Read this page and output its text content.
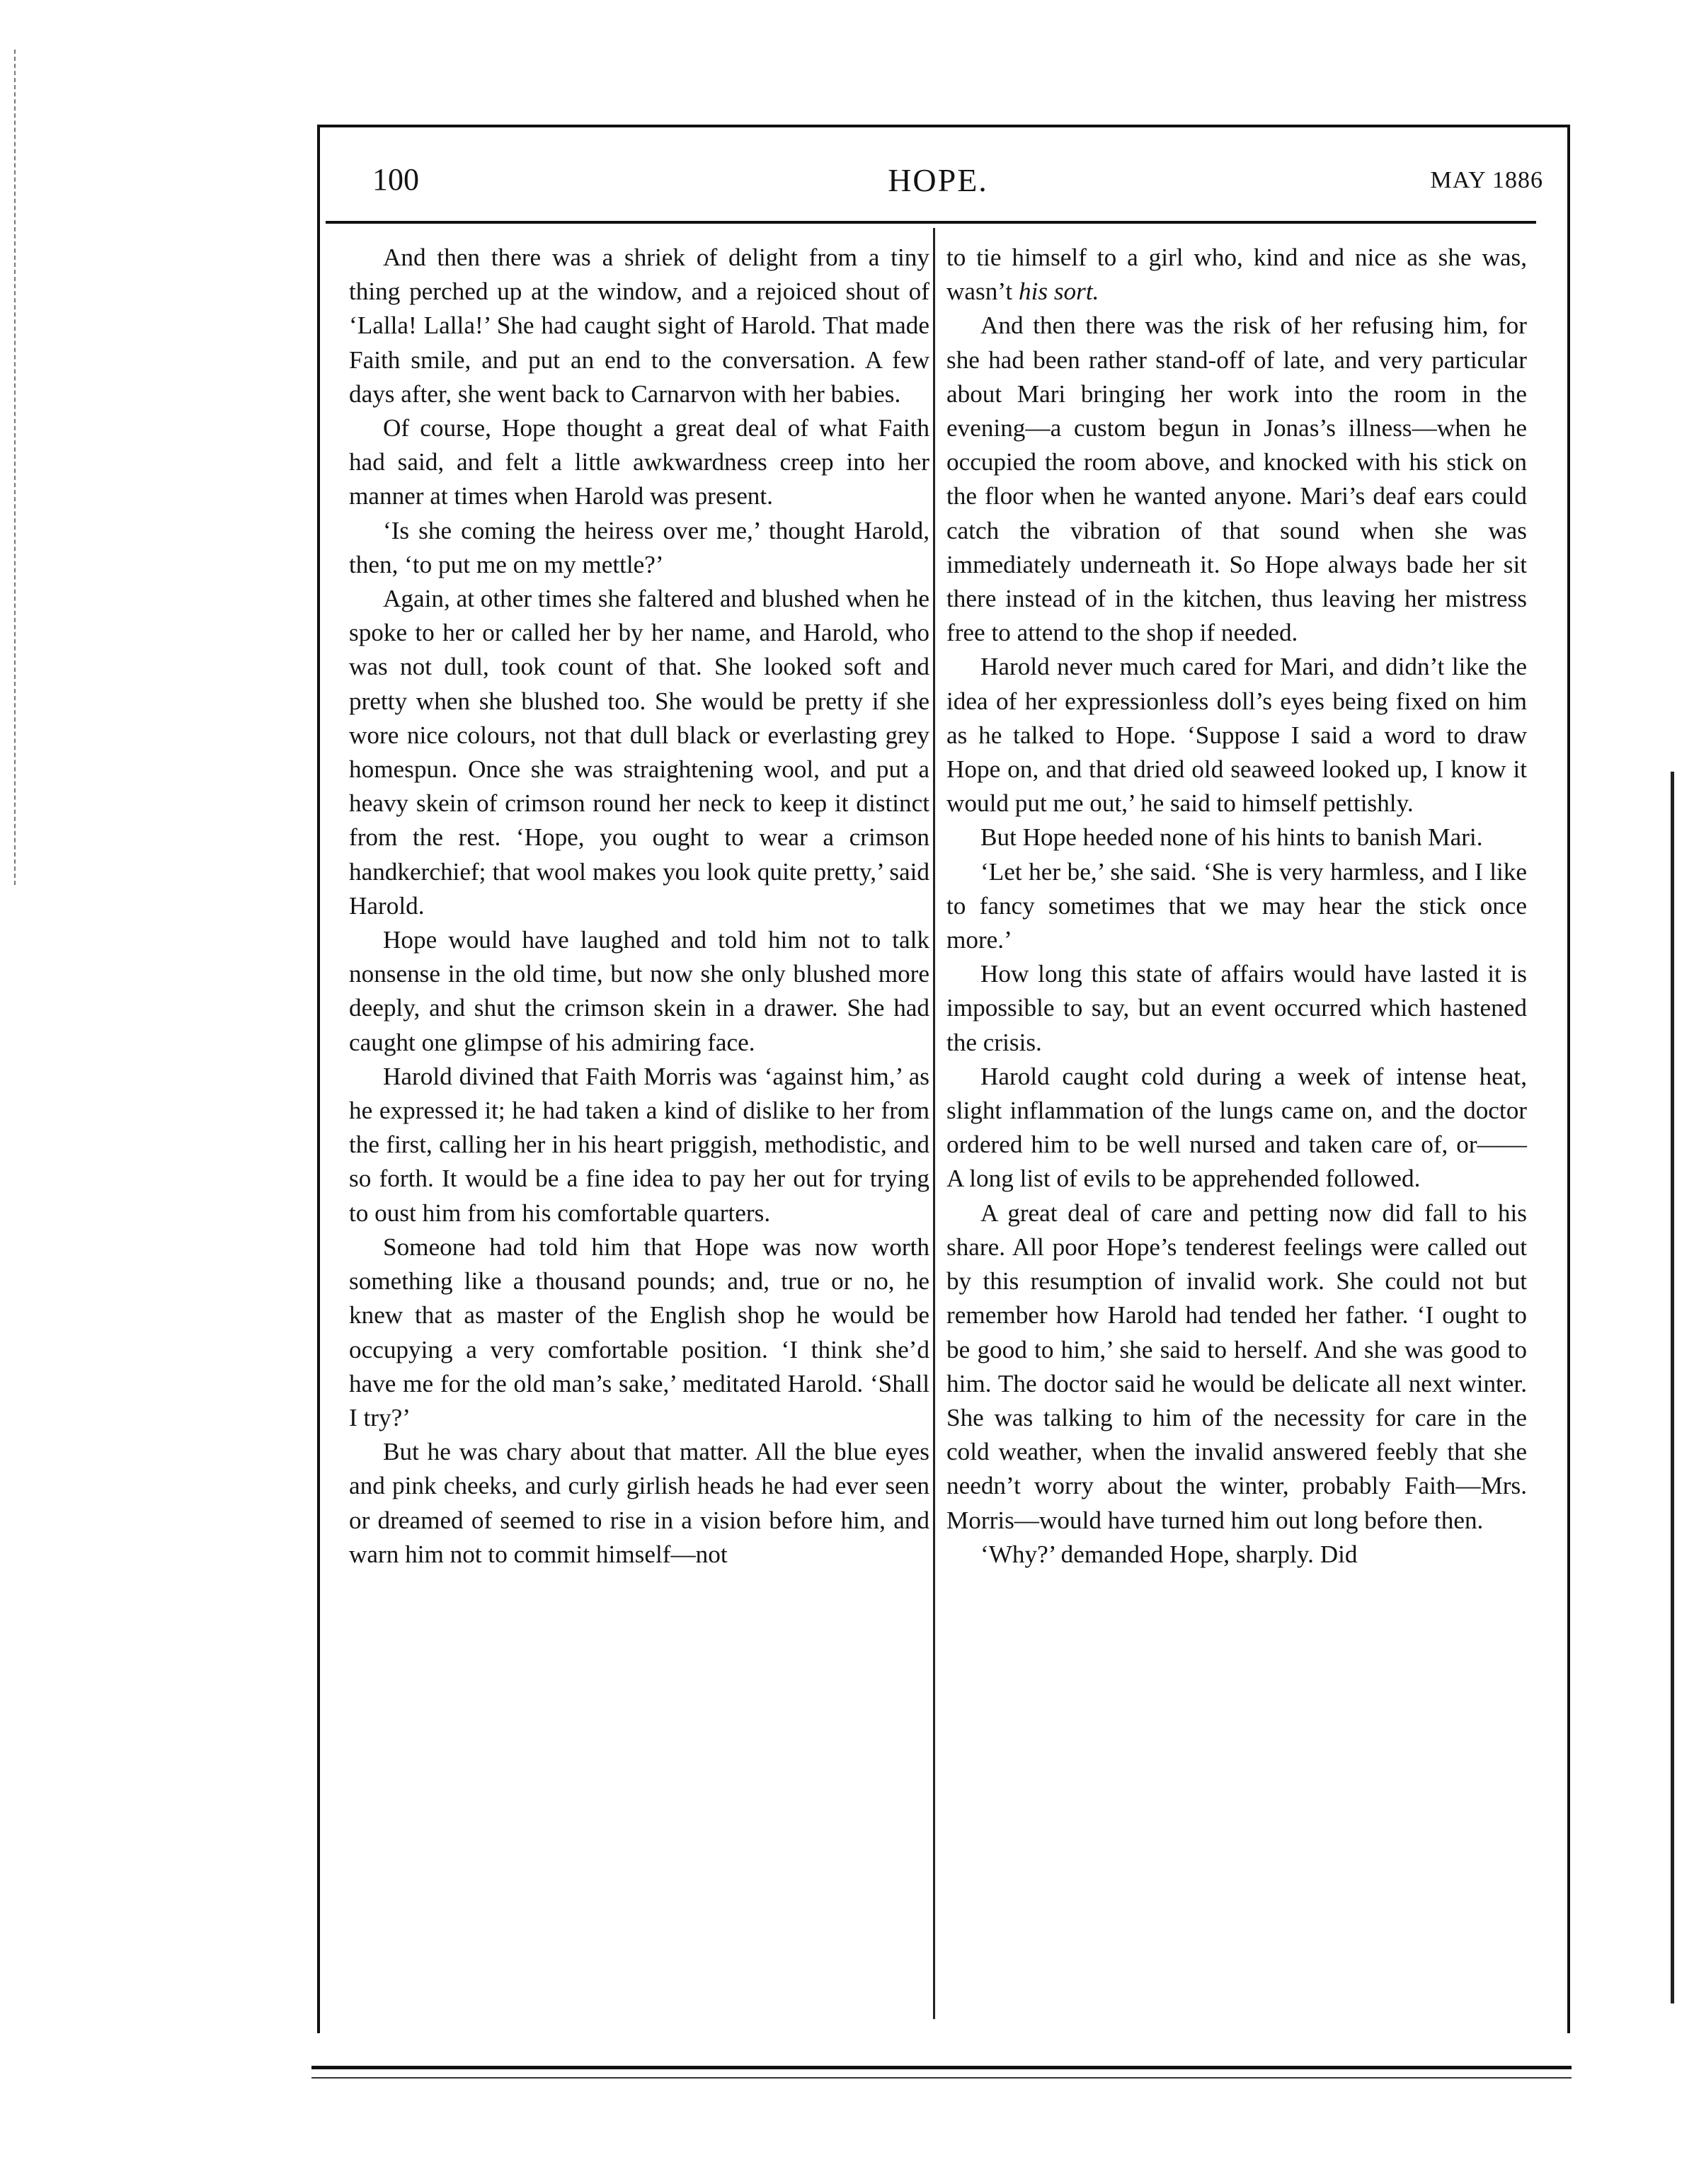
100	HOPE.	MAY 1886

And then there was a shriek of delight from a tiny thing perched up at the window, and a rejoiced shout of ‘Lalla! Lalla!’ She had caught sight of Harold. That made Faith smile, and put an end to the conversation. A few days after, she went back to Carnarvon with her babies.

Of course, Hope thought a great deal of what Faith had said, and felt a little awkwardness creep into her manner at times when Harold was present.

‘Is she coming the heiress over me,’ thought Harold, then, ‘to put me on my mettle?’

Again, at other times she faltered and blushed when he spoke to her or called her by her name, and Harold, who was not dull, took count of that. She looked soft and pretty when she blushed too. She would be pretty if she wore nice colours, not that dull black or everlasting grey homespun. Once she was straightening wool, and put a heavy skein of crimson round her neck to keep it distinct from the rest. ‘Hope, you ought to wear a crimson handkerchief; that wool makes you look quite pretty,’ said Harold.

Hope would have laughed and told him not to talk nonsense in the old time, but now she only blushed more deeply, and shut the crimson skein in a drawer. She had caught one glimpse of his admiring face.

Harold divined that Faith Morris was ‘against him,’ as he expressed it; he had taken a kind of dislike to her from the first, calling her in his heart priggish, methodistic, and so forth. It would be a fine idea to pay her out for trying to oust him from his comfortable quarters.

Someone had told him that Hope was now worth something like a thousand pounds; and, true or no, he knew that as master of the English shop he would be occupying a very comfortable position. ‘I think she’d have me for the old man’s sake,’ meditated Harold. ‘Shall I try?’

But he was chary about that matter. All the blue eyes and pink cheeks, and curly girlish heads he had ever seen or dreamed of seemed to rise in a vision before him, and warn him not to commit himself—not

to tie himself to a girl who, kind and nice as she was, wasn’t his sort.

And then there was the risk of her refusing him, for she had been rather stand-off of late, and very particular about Mari bringing her work into the room in the evening—a custom begun in Jonas’s illness—when he occupied the room above, and knocked with his stick on the floor when he wanted anyone. Mari’s deaf ears could catch the vibration of that sound when she was immediately underneath it. So Hope always bade her sit there instead of in the kitchen, thus leaving her mistress free to attend to the shop if needed.

Harold never much cared for Mari, and didn’t like the idea of her expressionless doll’s eyes being fixed on him as he talked to Hope. ‘Suppose I said a word to draw Hope on, and that dried old seaweed looked up, I know it would put me out,’ he said to himself pettishly.

But Hope heeded none of his hints to banish Mari.

‘Let her be,’ she said. ‘She is very harmless, and I like to fancy sometimes that we may hear the stick once more.’

How long this state of affairs would have lasted it is impossible to say, but an event occurred which hastened the crisis.

Harold caught cold during a week of intense heat, slight inflammation of the lungs came on, and the doctor ordered him to be well nursed and taken care of, or—— A long list of evils to be apprehended followed.

A great deal of care and petting now did fall to his share. All poor Hope’s tenderest feelings were called out by this resumption of invalid work. She could not but remember how Harold had tended her father. ‘I ought to be good to him,’ she said to herself. And she was good to him. The doctor said he would be delicate all next winter. She was talking to him of the necessity for care in the cold weather, when the invalid answered feebly that she needn’t worry about the winter, probably Faith—Mrs. Morris—would have turned him out long before then.

‘Why?’ demanded Hope, sharply. Did
